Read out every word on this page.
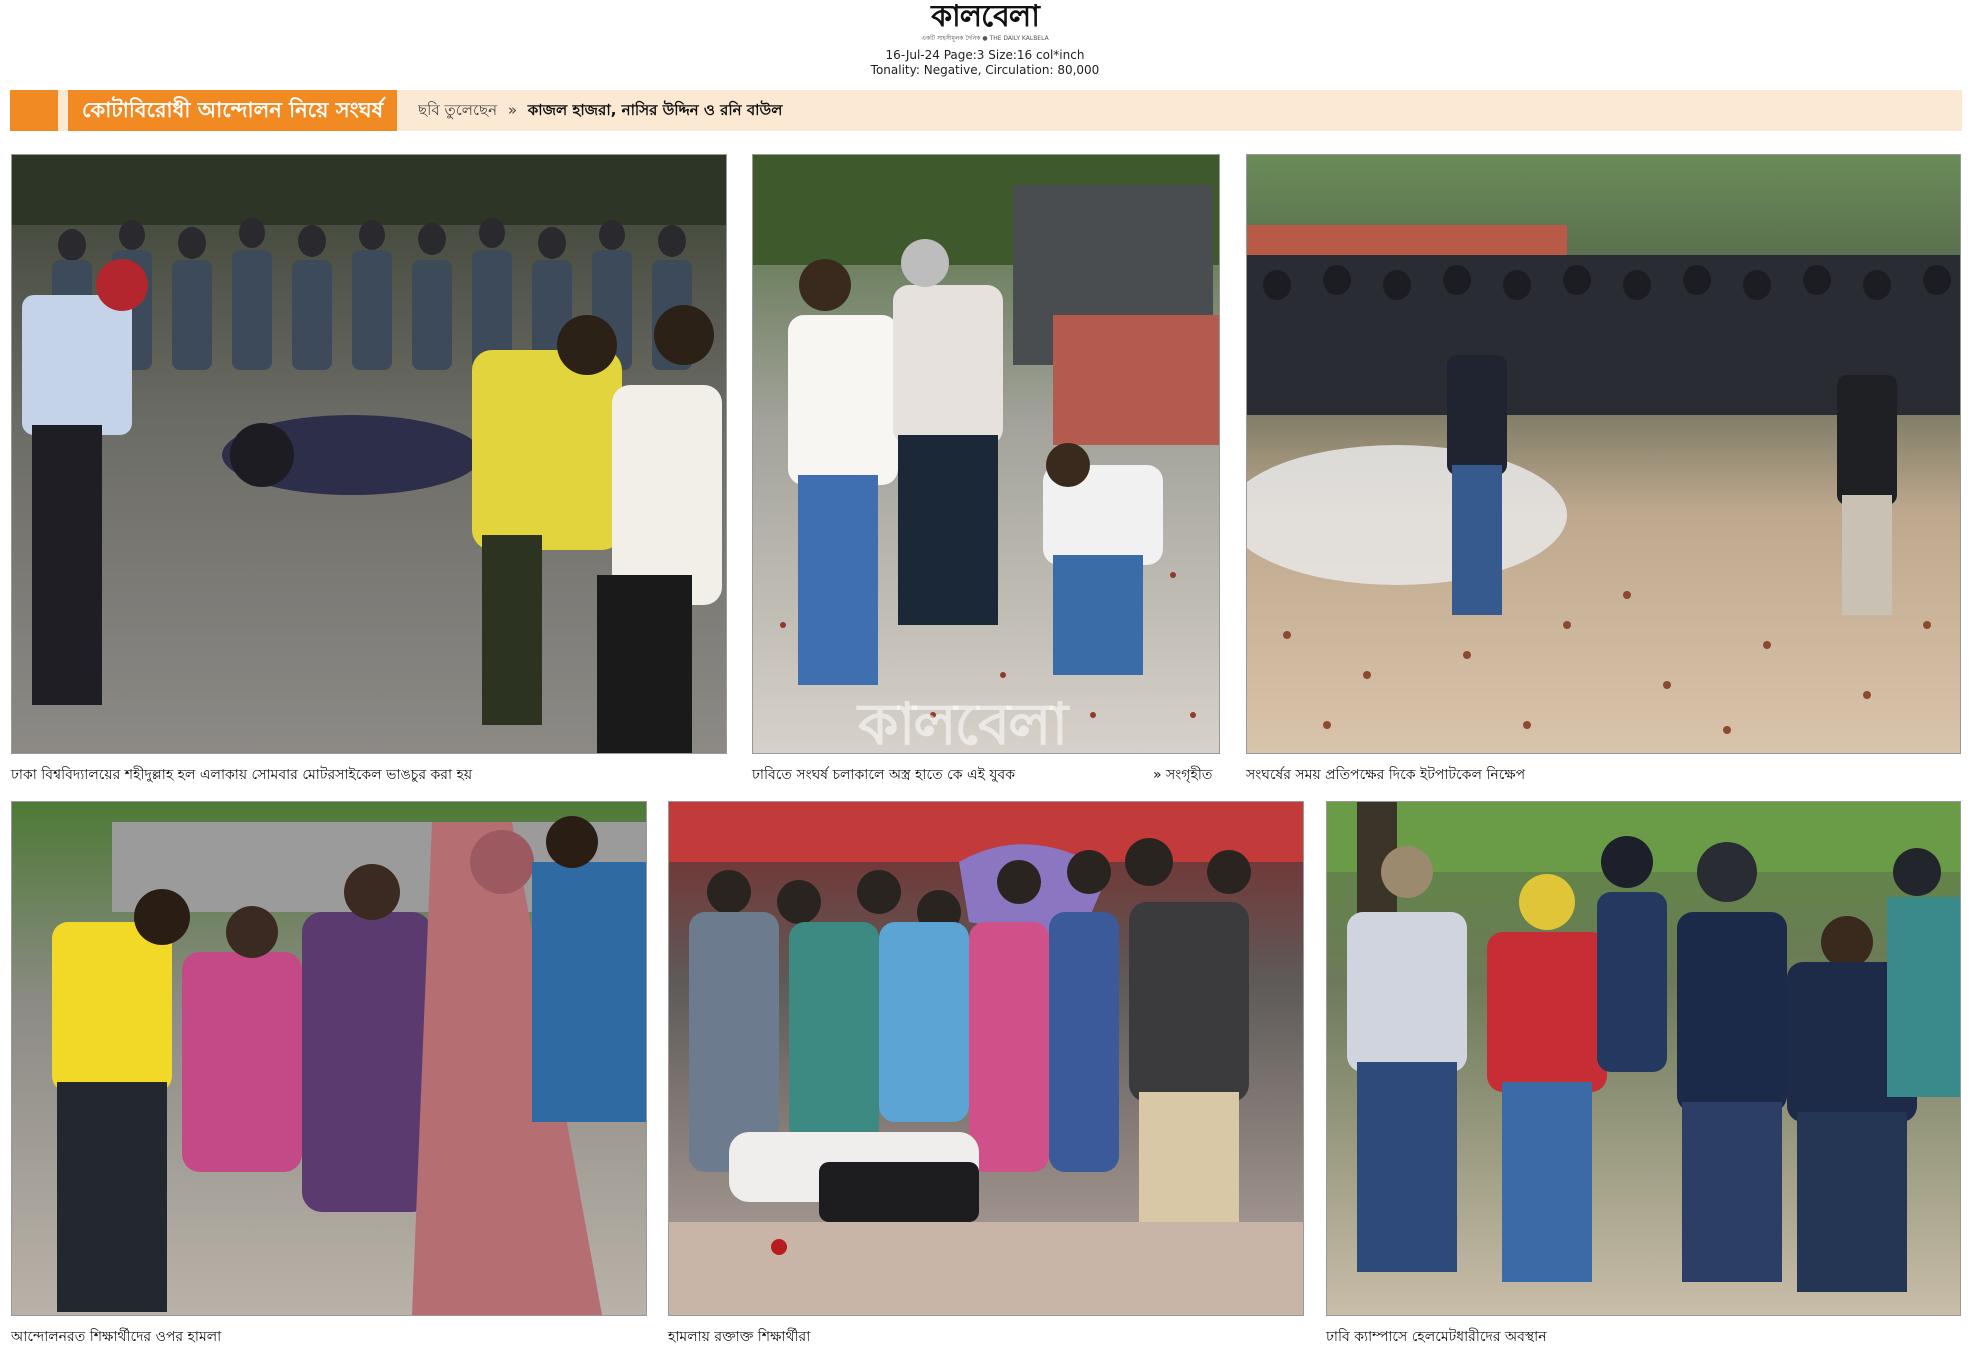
কালবেলা
একটি সাহসীমূলক দৈনিক ● THE DAILY KALBELA
16-Jul-24 Page:3 Size:16 col*inch
Tonality: Negative, Circulation: 80,000
কোটাবিরোধী আন্দোলন নিয়ে সংঘর্ষ	ছবি তুলেছেন » কাজল হাজরা, নাসির উদ্দিন ও রনি বাউল
ঢাকা বিশ্ববিদ্যালয়ের শহীদুল্লাহ হল এলাকায় সোমবার মোটরসাইকেল ভাঙচুর করা হয়
কালবেলা
ঢাবিতে সংঘর্ষ চলাকালে অস্ত্র হাতে কে এই যুবক	» সংগৃহীত সংঘর্ষের সময় প্রতিপক্ষের দিকে ইটপাটকেল নিক্ষেপ
আন্দোলনরত শিক্ষার্থীদের ওপর হামলা	হামলায় রক্তাক্ত শিক্ষার্থীরা	ঢাবি ক্যাম্পাসে হেলমেটধারীদের অবস্থান
